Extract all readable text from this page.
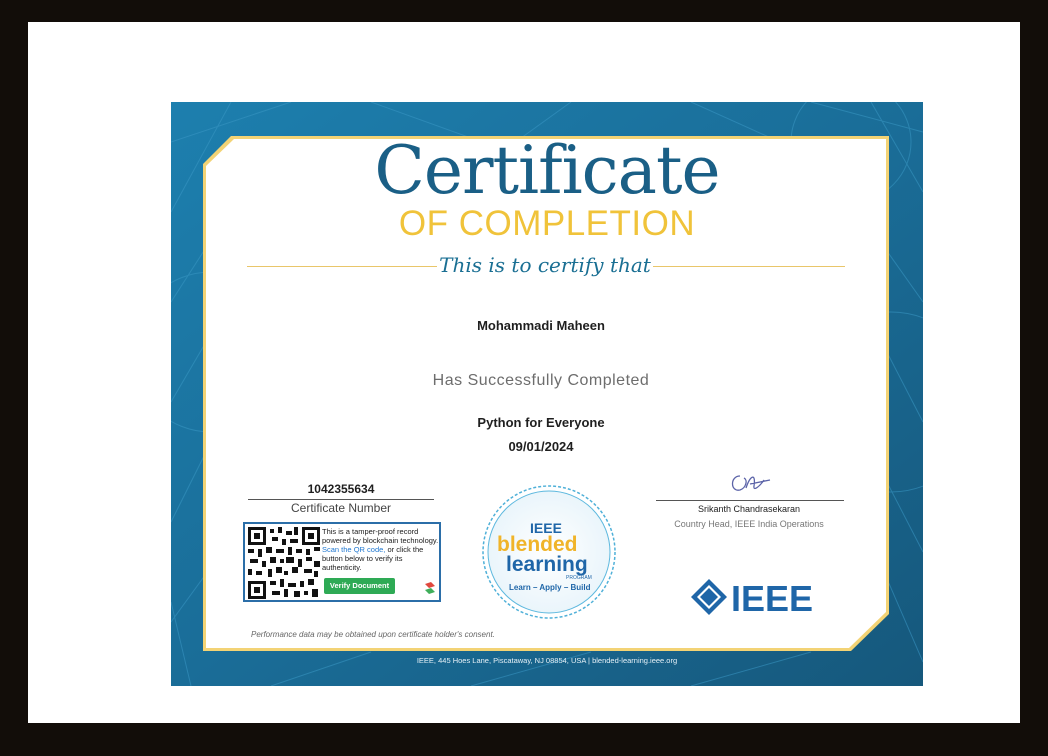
Certificate
OF COMPLETION
This is to certify that
Mohammadi Maheen
Has Successfully Completed
Python for Everyone
09/01/2024
1042355634
Certificate Number	Srikanth Chandrasekaran
Country Head, IEEE India Operations
This is a tamper-proof record powered by blockchain technology. Scan the QR code, or click the button below to verify its authenticity.
Verify Document
IEEE
blended
learning
PROGRAM
Learn – Apply – Build	IEEE
Performance data may be obtained upon certificate holder's consent.
IEEE, 445 Hoes Lane, Piscataway, NJ 08854, USA | blended-learning.ieee.org
